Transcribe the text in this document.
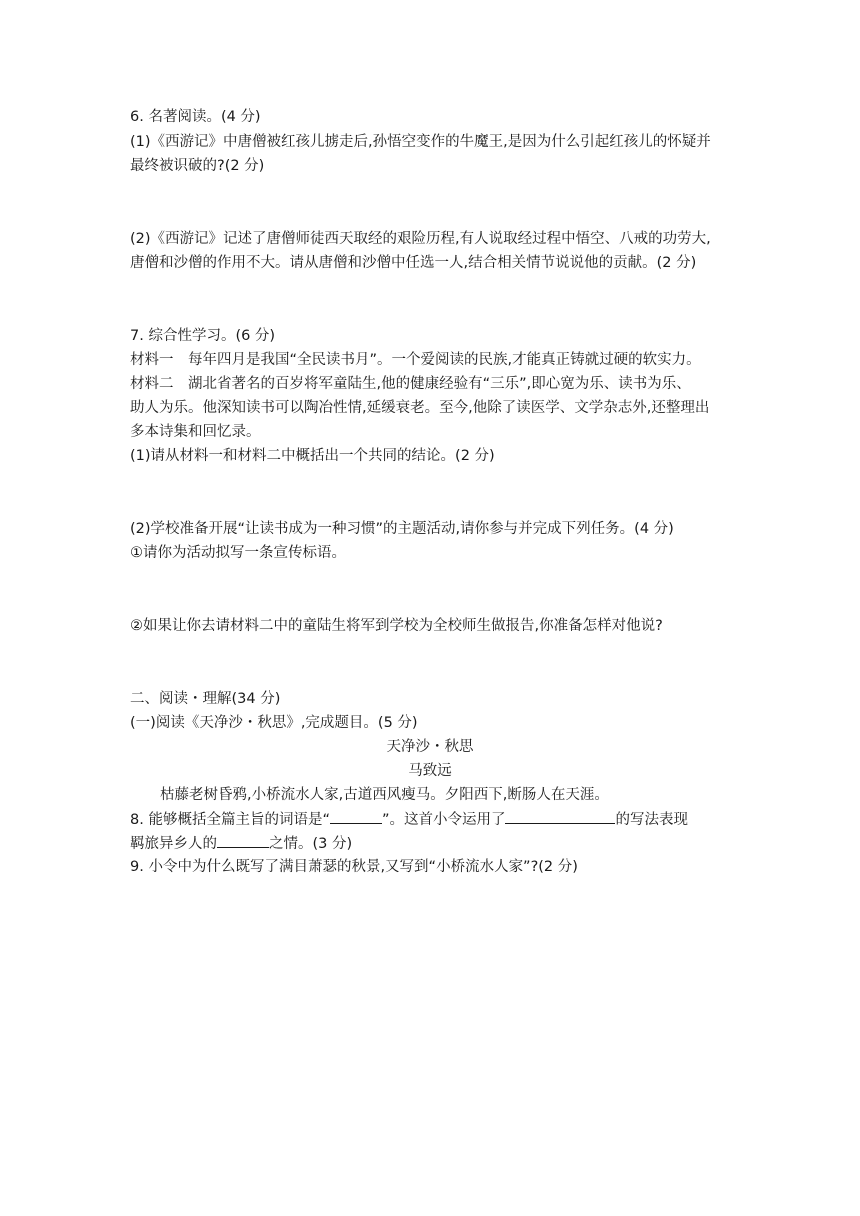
6. 名著阅读。(4 分)
(1)《西游记》中唐僧被红孩儿掳走后,孙悟空变作的牛魔王,是因为什么引起红孩儿的怀疑并
最终被识破的?(2 分)
(2)《西游记》记述了唐僧师徒西天取经的艰险历程,有人说取经过程中悟空、八戒的功劳大,
唐僧和沙僧的作用不大。请从唐僧和沙僧中任选一人,结合相关情节说说他的贡献。(2 分)
7. 综合性学习。(6 分)
材料一　每年四月是我国“全民读书月”。一个爱阅读的民族,才能真正铸就过硬的软实力。
材料二　湖北省著名的百岁将军童陆生,他的健康经验有“三乐”,即心宽为乐、读书为乐、
助人为乐。他深知读书可以陶冶性情,延缓衰老。至今,他除了读医学、文学杂志外,还整理出
多本诗集和回忆录。
(1)请从材料一和材料二中概括出一个共同的结论。(2 分)
(2)学校准备开展“让读书成为一种习惯”的主题活动,请你参与并完成下列任务。(4 分)
①请你为活动拟写一条宣传标语。
②如果让你去请材料二中的童陆生将军到学校为全校师生做报告,你准备怎样对他说?
二、阅读・理解(34 分)
(一)阅读《天净沙・秋思》,完成题目。(5 分)
天净沙・秋思
马致远
枯藤老树昏鸦,小桥流水人家,古道西风瘦马。夕阳西下,断肠人在天涯。
8. 能够概括全篇主旨的词语是“	”。这首小令运用了	的写法表现
羁旅异乡人的	之情。(3 分)
9. 小令中为什么既写了满目萧瑟的秋景,又写到“小桥流水人家”?(2 分)
